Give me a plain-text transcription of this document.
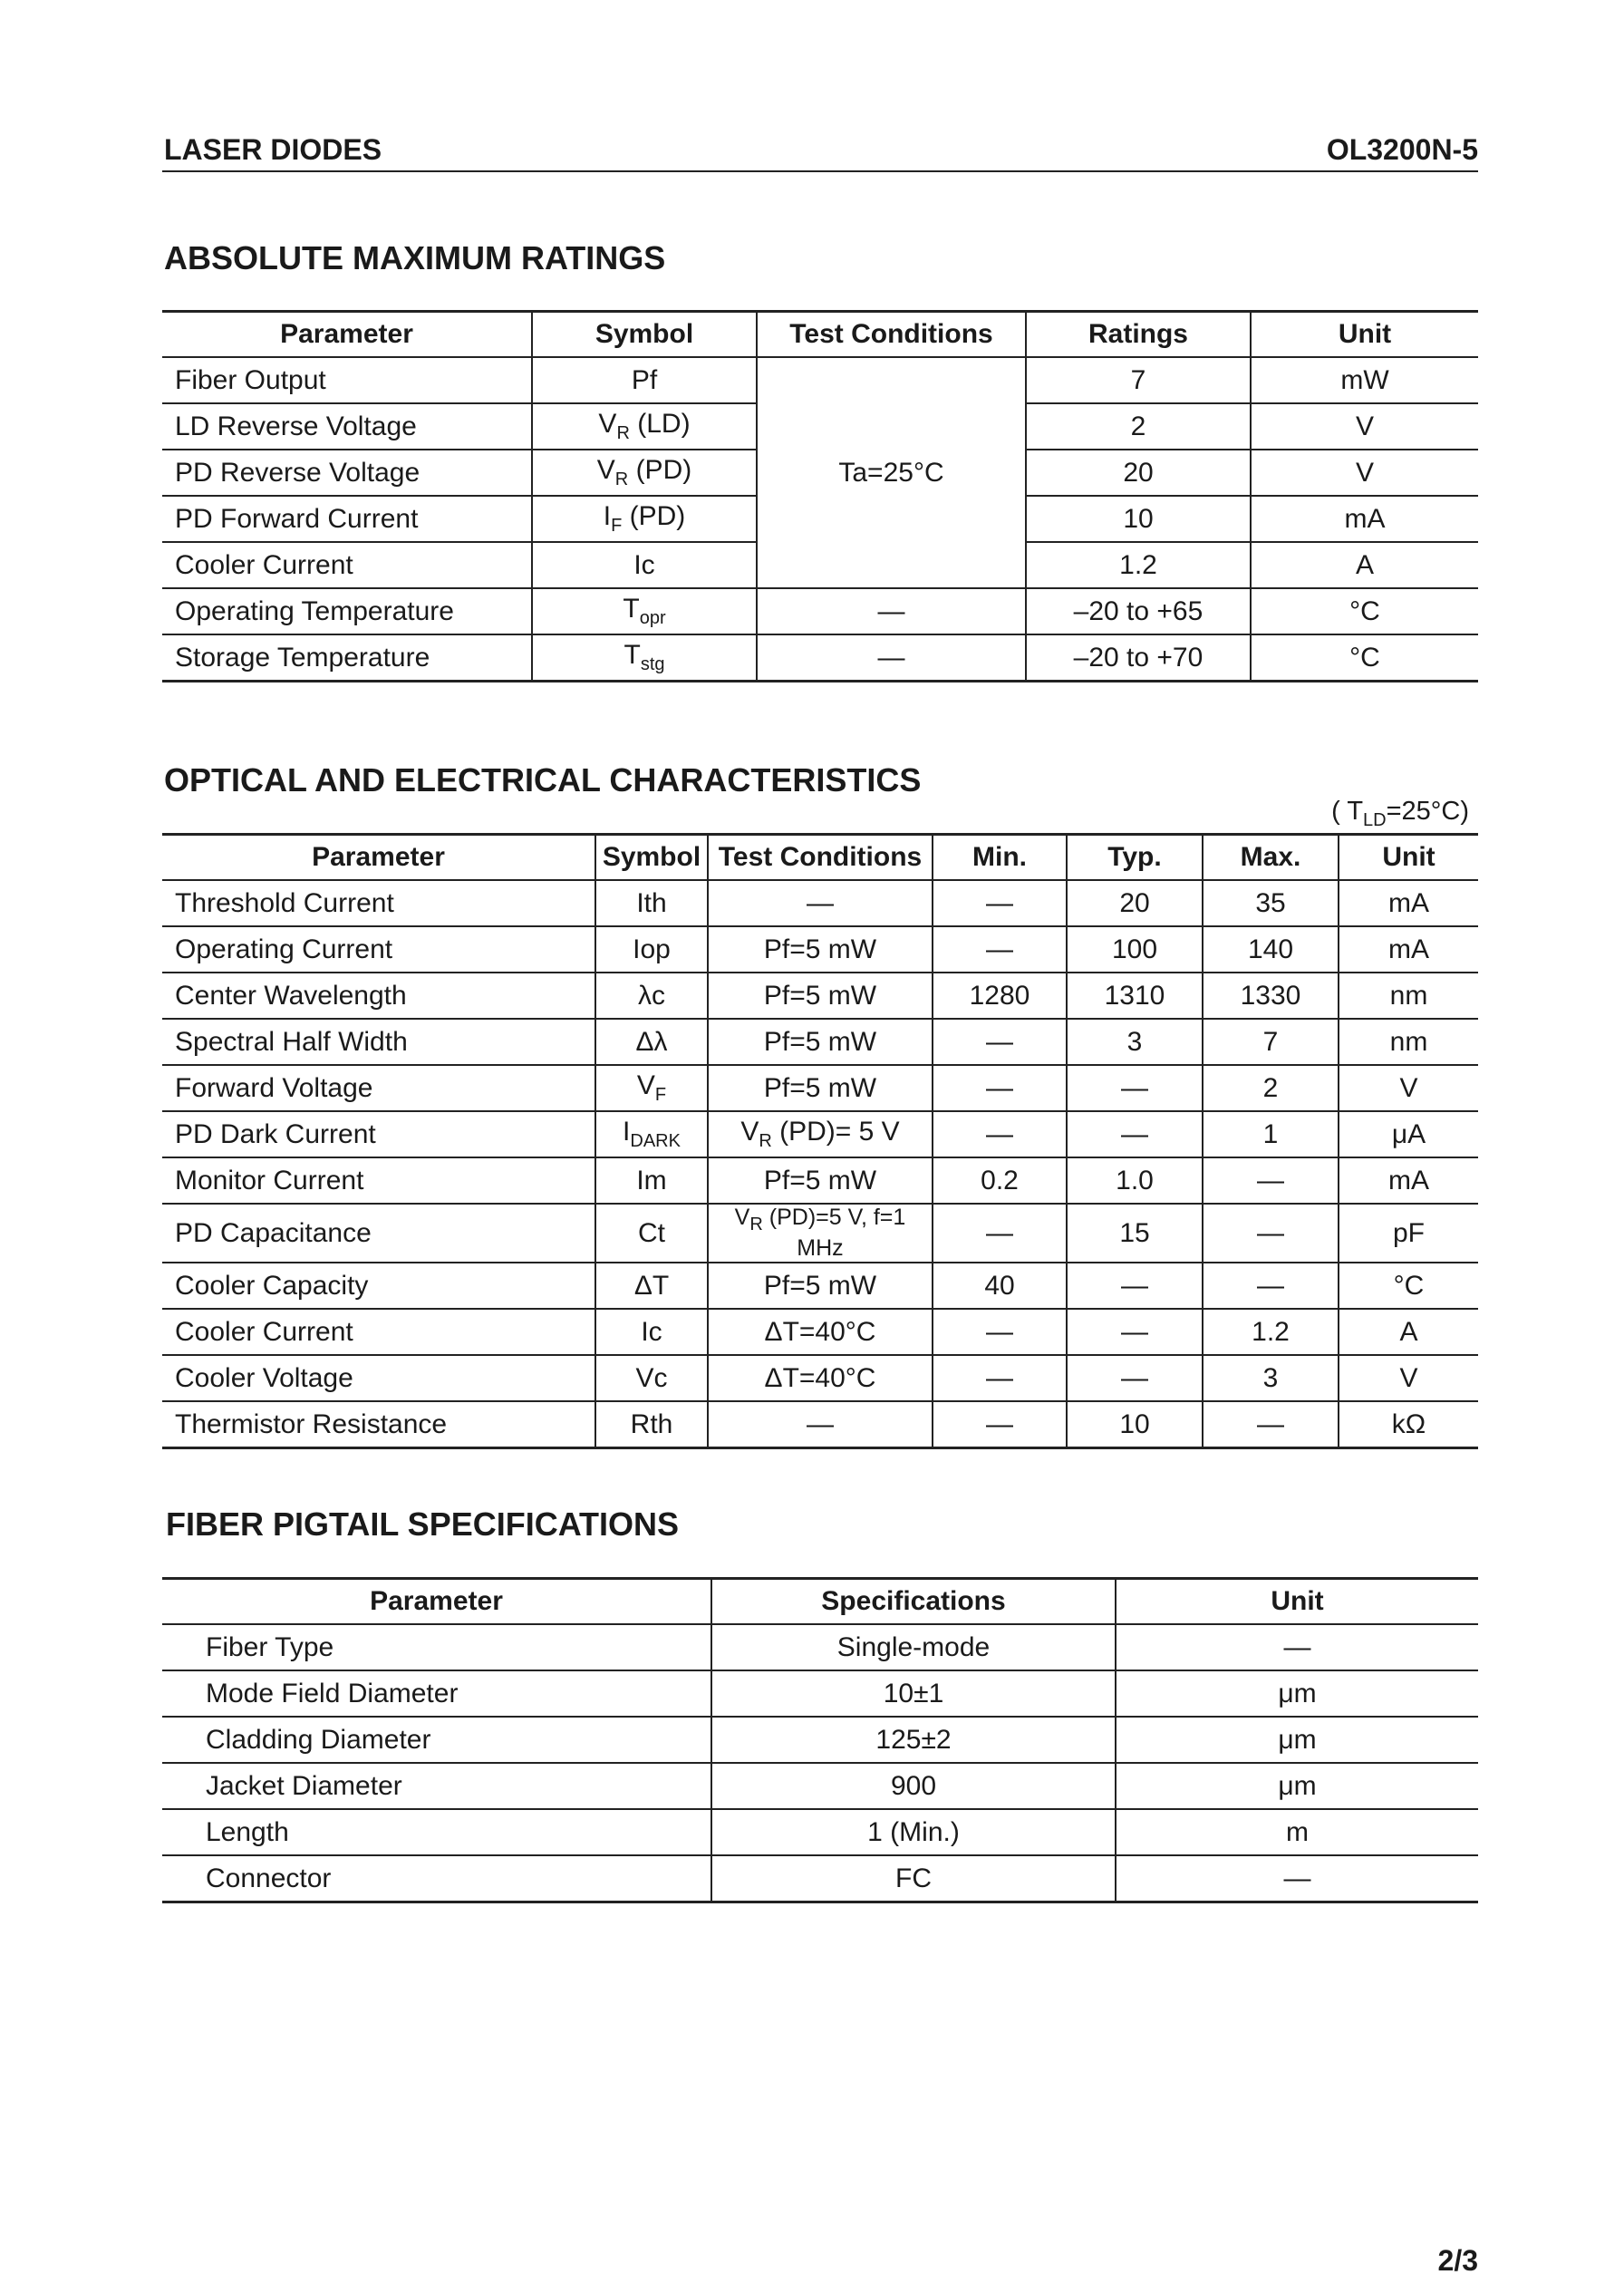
LASER DIODES	OL3200N-5
ABSOLUTE MAXIMUM RATINGS
Parameter	Symbol	Test Conditions	Ratings	Unit
Fiber Output	Pf	Ta=25°C	7	mW
LD Reverse Voltage	$V_R$ (LD)		2	V
PD Reverse Voltage	$V_R$ (PD)		20	V
PD Forward Current	$I_F$ (PD)		10	mA
Cooler Current	Ic		1.2	A
Operating Temperature	$T_{opr}$	—	–20 to +65	°C
Storage Temperature	$T_{stg}$	—	–20 to +70	°C
OPTICAL AND ELECTRICAL CHARACTERISTICS
( $T_{LD}=25^\circ C$)
Parameter	Symbol	Test Conditions	Min.	Typ.	Max.	Unit
Threshold Current	Ith	—	—	20	35	mA
Operating Current	Iop	Pf=5 mW	—	100	140	mA
Center Wavelength	λc	Pf=5 mW	1280	1310	1330	nm
Spectral Half Width	Δλ	Pf=5 mW	—	3	7	nm
Forward Voltage	$V_F$	Pf=5 mW	—	—	2	V
PD Dark Current	$I_{DARK}$	$V_R$ (PD)= 5 V	—	—	1	μA
Monitor Current	Im	Pf=5 mW	0.2	1.0	—	mA
PD Capacitance	Ct	$V_R$ (PD)=5 V, f=1 MHz	—	15	—	pF
Cooler Capacity	ΔT	Pf=5 mW	40	—	—	°C
Cooler Current	Ic	ΔT=40°C	—	—	1.2	A
Cooler Voltage	Vc	ΔT=40°C	—	—	3	V
Thermistor Resistance	Rth	—	—	10	—	kΩ
FIBER PIGTAIL SPECIFICATIONS
Parameter	Specifications	Unit
Fiber Type	Single-mode	—
Mode Field Diameter	10±1	μm
Cladding Diameter	125±2	μm
Jacket Diameter	900	μm
Length	1 (Min.)	m
Connector	FC	—
2/3
